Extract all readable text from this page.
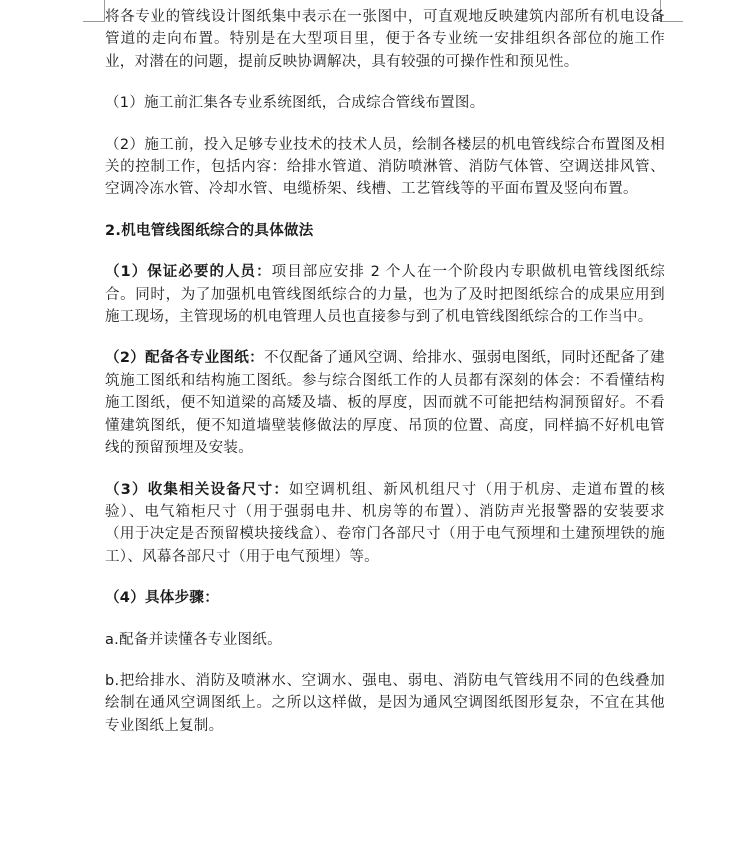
将各专业的管线设计图纸集中表示在一张图中，可直观地反映建筑内部所有机电设备管道的走向布置。特别是在大型项目里，便于各专业统一安排组织各部位的施工作业，对潜在的问题，提前反映协调解决，具有较强的可操作性和预见性。

（1）施工前汇集各专业系统图纸，合成综合管线布置图。

（2）施工前，投入足够专业技术的技术人员，绘制各楼层的机电管线综合布置图及相关的控制工作，包括内容：给排水管道、消防喷淋管、消防气体管、空调送排风管、空调冷冻水管、冷却水管、电缆桥架、线槽、工艺管线等的平面布置及竖向布置。

2.机电管线图纸综合的具体做法

（1）保证必要的人员：项目部应安排 2 个人在一个阶段内专职做机电管线图纸综合。同时，为了加强机电管线图纸综合的力量，也为了及时把图纸综合的成果应用到施工现场，主管现场的机电管理人员也直接参与到了机电管线图纸综合的工作当中。

（2）配备各专业图纸：不仅配备了通风空调、给排水、强弱电图纸，同时还配备了建筑施工图纸和结构施工图纸。参与综合图纸工作的人员都有深刻的体会：不看懂结构施工图纸，便不知道梁的高矮及墙、板的厚度，因而就不可能把结构洞预留好。不看懂建筑图纸，便不知道墙壁装修做法的厚度、吊顶的位置、高度，同样搞不好机电管线的预留预埋及安装。

（3）收集相关设备尺寸：如空调机组、新风机组尺寸（用于机房、走道布置的核验）、电气箱柜尺寸（用于强弱电井、机房等的布置）、消防声光报警器的安装要求（用于决定是否预留模块接线盒）、卷帘门各部尺寸（用于电气预埋和土建预埋铁的施工）、风幕各部尺寸（用于电气预埋）等。

（4）具体步骤：

a.配备并读懂各专业图纸。

b.把给排水、消防及喷淋水、空调水、强电、弱电、消防电气管线用不同的色线叠加绘制在通风空调图纸上。之所以这样做，是因为通风空调图纸图形复杂，不宜在其他专业图纸上复制。
